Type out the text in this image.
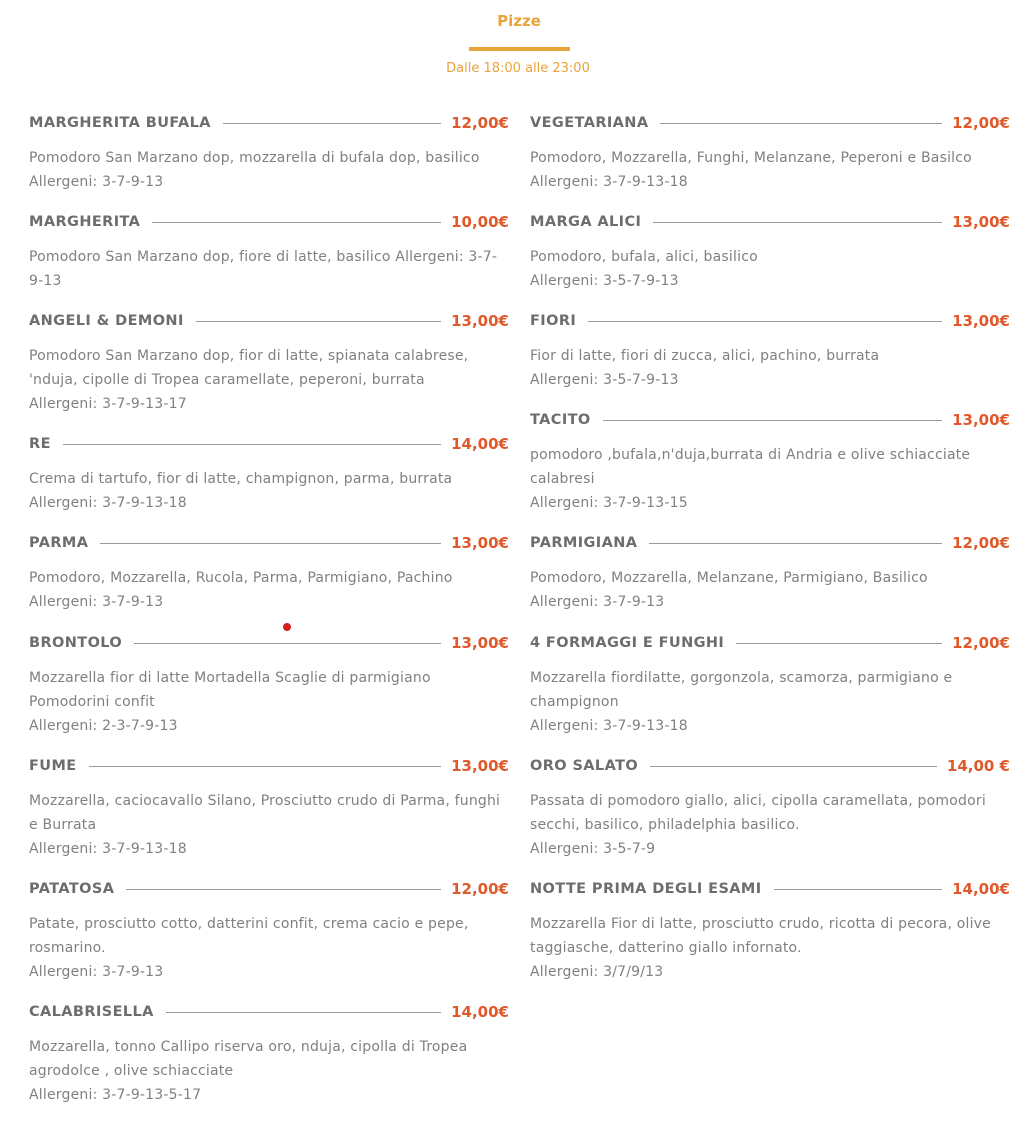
Pizze
Dalle 18:00 alle 23:00
MARGHERITA BUFALA	12,00€
Pomodoro San Marzano dop, mozzarella di bufala dop, basilico
Allergeni: 3-7-9-13
MARGHERITA	10,00€
Pomodoro San Marzano dop, fiore di latte, basilico Allergeni: 3-7-9-13
ANGELI & DEMONI	13,00€
Pomodoro San Marzano dop, fior di latte, spianata calabrese, 'nduja, cipolle di Tropea caramellate, peperoni, burrata
Allergeni: 3-7-9-13-17
RE	14,00€
Crema di tartufo, fior di latte, champignon, parma, burrata
Allergeni: 3-7-9-13-18
PARMA	13,00€
Pomodoro, Mozzarella, Rucola, Parma, Parmigiano, Pachino
Allergeni: 3-7-9-13
BRONTOLO	13,00€
Mozzarella fior di latte Mortadella Scaglie di parmigiano Pomodorini confit
Allergeni: 2-3-7-9-13
FUME	13,00€
Mozzarella, caciocavallo Silano, Prosciutto crudo di Parma, funghi e Burrata
Allergeni: 3-7-9-13-18
PATATOSA	12,00€
Patate, prosciutto cotto, datterini confit, crema cacio e pepe, rosmarino.
Allergeni: 3-7-9-13
CALABRISELLA	14,00€
Mozzarella, tonno Callipo riserva oro, nduja, cipolla di Tropea agrodolce , olive schiacciate
Allergeni: 3-7-9-13-5-17
VEGETARIANA	12,00€
Pomodoro, Mozzarella, Funghi, Melanzane, Peperoni e Basilco
Allergeni: 3-7-9-13-18
MARGA ALICI	13,00€
Pomodoro, bufala, alici, basilico
Allergeni: 3-5-7-9-13
FIORI	13,00€
Fior di latte, fiori di zucca, alici, pachino, burrata
Allergeni: 3-5-7-9-13
TACITO	13,00€
pomodoro ,bufala,n'duja,burrata di Andria e olive schiacciate calabresi
Allergeni: 3-7-9-13-15
PARMIGIANA	12,00€
Pomodoro, Mozzarella, Melanzane, Parmigiano, Basilico
Allergeni: 3-7-9-13
4 FORMAGGI E FUNGHI	12,00€
Mozzarella fiordilatte, gorgonzola, scamorza, parmigiano e champignon
Allergeni: 3-7-9-13-18
ORO SALATO	14,00 €
Passata di pomodoro giallo, alici, cipolla caramellata, pomodori secchi, basilico, philadelphia basilico.
Allergeni: 3-5-7-9
NOTTE PRIMA DEGLI ESAMI	14,00€
Mozzarella Fior di latte, prosciutto crudo, ricotta di pecora, olive taggiasche, datterino giallo infornato.
Allergeni: 3/7/9/13
